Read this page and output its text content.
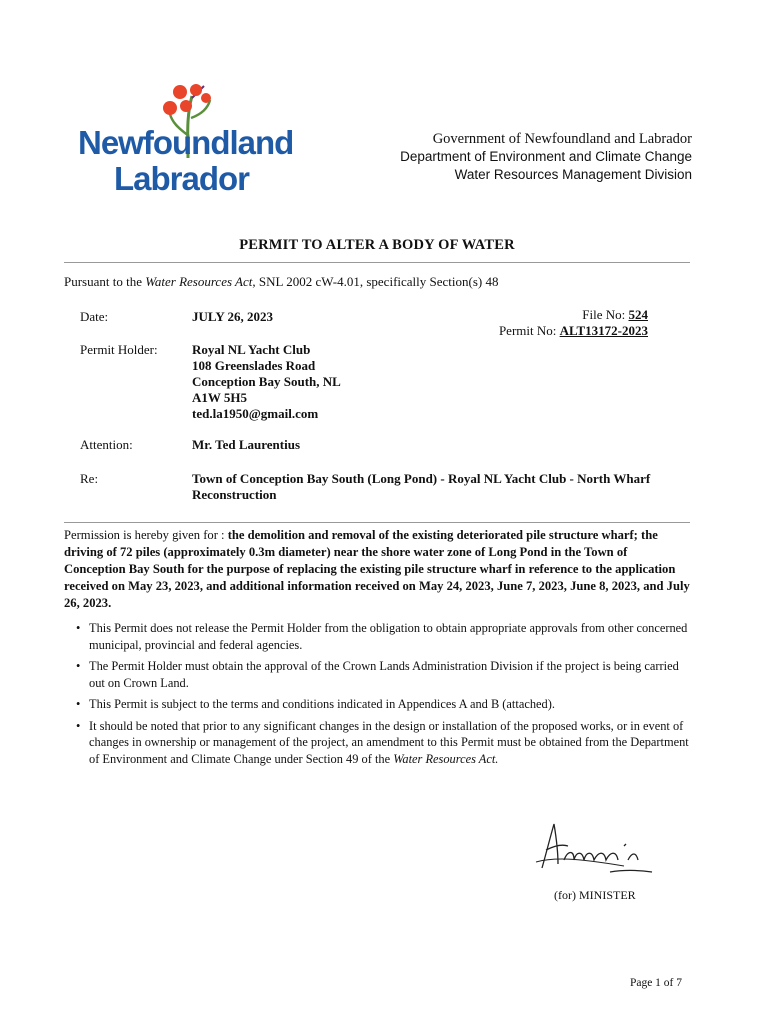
Newfoundland
Labrador
Government of Newfoundland and Labrador
Department of Environment and Climate Change
Water Resources Management Division
PERMIT TO ALTER A BODY OF WATER
Pursuant to the Water Resources Act, SNL 2002 cW-4.01, specifically Section(s) 48
Date:	JULY 26, 2023	File No: 524
Permit No: ALT13172-2023
Permit Holder:	Royal NL Yacht Club
108 Greenslades Road
Conception Bay South, NL
A1W 5H5
ted.la1950@gmail.com
Attention:	Mr. Ted Laurentius
Re:	Town of Conception Bay South (Long Pond) - Royal NL Yacht Club - North Wharf
Reconstruction
Permission is hereby given for : the demolition and removal of the existing deteriorated pile structure wharf; the driving of 72 piles (approximately 0.3m diameter) near the shore water zone of Long Pond in the Town of Conception Bay South for the purpose of replacing the existing pile structure wharf in reference to the application received on May 23, 2023, and additional information received on May 24, 2023, June 7, 2023, June 8, 2023, and July 26, 2023.
• This Permit does not release the Permit Holder from the obligation to obtain appropriate approvals from other concerned municipal, provincial and federal agencies.
• The Permit Holder must obtain the approval of the Crown Lands Administration Division if the project is being carried out on Crown Land.
• This Permit is subject to the terms and conditions indicated in Appendices A and B (attached).
• It should be noted that prior to any significant changes in the design or installation of the proposed works, or in event of changes in ownership or management of the project, an amendment to this Permit must be obtained from the Department of Environment and Climate Change under Section 49 of the Water Resources Act.
(for) MINISTER
Page 1 of 7
